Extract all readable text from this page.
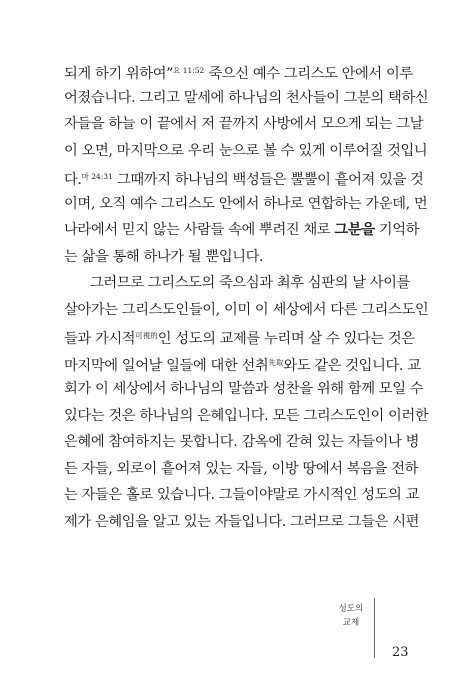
되게 하기 위하여”$^{요 11:52}$ 죽으신 예수 그리스도 안에서 이루
어졌습니다. 그리고 말세에 하나님의 천사들이 그분의 택하신
자들을 하늘 이 끝에서 저 끝까지 사방에서 모으게 되는 그날
이 오면, 마지막으로 우리 눈으로 볼 수 있게 이루어질 것입니
다.$^{마 24:31}$ 그때까지 하나님의 백성들은 뿔뿔이 흩어져 있을 것
이며, 오직 예수 그리스도 안에서 하나로 연합하는 가운데, 먼
나라에서 믿지 않는 사람들 속에 뿌려진 채로 그분을 기억하
는 삶을 통해 하나가 될 뿐입니다.
그러므로 그리스도의 죽으심과 최후 심판의 날 사이를
살아가는 그리스도인들이, 이미 이 세상에서 다른 그리스도인
들과 가시적$^{可視的}$인 성도의 교제를 누리며 살 수 있다는 것은
마지막에 일어날 일들에 대한 선취$^{先取}$와도 같은 것입니다. 교
회가 이 세상에서 하나님의 말씀과 성찬을 위해 함께 모일 수
있다는 것은 하나님의 은혜입니다. 모든 그리스도인이 이러한
은혜에 참여하지는 못합니다. 감옥에 갇혀 있는 자들이나 병
든 자들, 외로이 흩어져 있는 자들, 이방 땅에서 복음을 전하
는 자들은 홀로 있습니다. 그들이야말로 가시적인 성도의 교
제가 은혜임을 알고 있는 자들입니다. 그러므로 그들은 시편
성도의
교제
23
